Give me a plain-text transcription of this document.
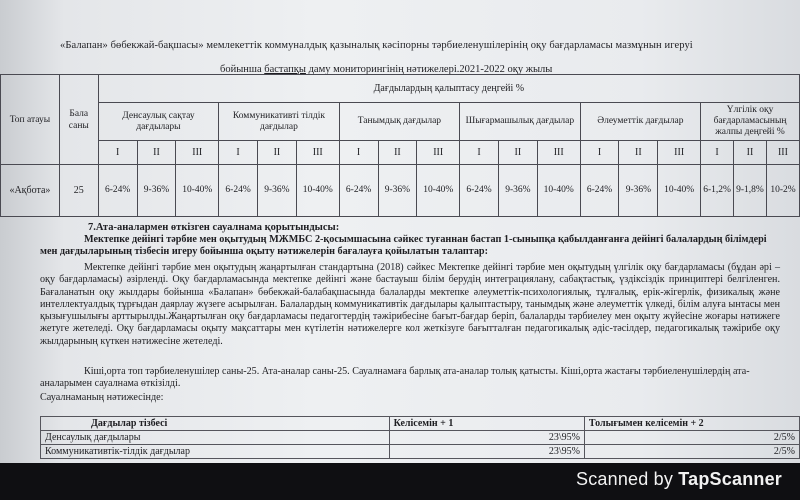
«Балапан» бөбекжай-бақшасы» мемлекеттік коммуналдық қазыналық кәсіпорны тәрбиеленушілерінің оқу бағдарламасы мазмұнын игеруі
бойынша бастапқы даму мониторингінің нәтижелері.2021-2022 оқу жылы
Топ атауы	Бала саны	Дағдылардың қалыптасу деңгейі %																	
		Денсаулық сақтау дағдылары			Коммуникативті тілдік дағдылар			Танымдық дағдылар			Шығармашылық дағдылар			Әлеуметтік дағдылар			Үлгілік оқу бағдарламасының жалпы деңгейі %		
		I	II	III	I	II	III	I	II	III	I	II	III	I	II	III	I	II	III
«Ақбота»	25	6-24%	9-36%	10-40%	6-24%	9-36%	10-40%	6-24%	9-36%	10-40%	6-24%	9-36%	10-40%	6-24%	9-36%	10-40%	6-1,2%	9-1,8%	10-2%
7.Ата-аналармен өткізген сауалнама қорытындысы:
Мектепке дейінгі тәрбие мен оқытудың МЖМБС 2-қосымшасына сәйкес туғаннан бастап 1-сыныпқа қабылданғанға дейінгі балалардың білімдері мен дағдыларының тізбесін игеру бойынша оқыту нәтижелерін бағалауға қойылатын талаптар:
Мектепке дейінгі тәрбие мен оқытудың жаңартылған стандартына (2018) сәйкес Мектепке дейінгі тәрбие мен оқытудың үлгілік оқу бағдарламасы (бұдан әрі – оқу бағдарламасы) әзірленді. Оқу бағдарламасында мектепке дейінгі және бастауыш білім берудің интеграциялану, сабақтастық, үздіксіздік принциптері белгіленген. Бағаланатын оқу жылдары бойынша «Балапан» бөбекжай-балабақшасында балаларды мектепке әлеуметтік-психологиялық, тұлғалық, ерік-жігерлік, физикалық және интеллектуалдық тұрғыдан даярлау жүзеге асырылған. Балалардың коммуникативтік дағдылары қалыптастыру, танымдық және әлеуметтік үлкеді, білім алуға ынтасы мен қызығушылығы арттырылды.Жаңартылған оқу бағдарламасы педагогтердің тәжірибесіне бағыт-бағдар беріп, балаларды тәрбиелеу мен оқыту жүйесіне жоғары нәтижеге жетуге жетеледі. Оқу бағдарламасы оқыту мақсаттары мен күтілетін нәтижелерге кол жеткізуге бағытталған педагогикалық әдіс-тәсілдер, педагогикалық тәжірибе оқу жылдарының күткен нәтижесіне жетеледі.
Кіші,орта топ тәрбиеленушілер саны-25. Ата-аналар саны-25. Сауалнамаға барлық ата-аналар толық қатысты. Кіші,орта жастағы тәрбиеленушілердің ата-аналарымен сауалнама өткізілді.
Сауалнаманың нәтижесінде:
Дағдылар тізбесі	Келісемін + 1	Толығымен келісемін + 2
Денсаулық дағдылары	23\95%	2/5%
Коммуникативтік-тілдік дағдылар	23\95%	2/5%
Scanned by TapScanner
